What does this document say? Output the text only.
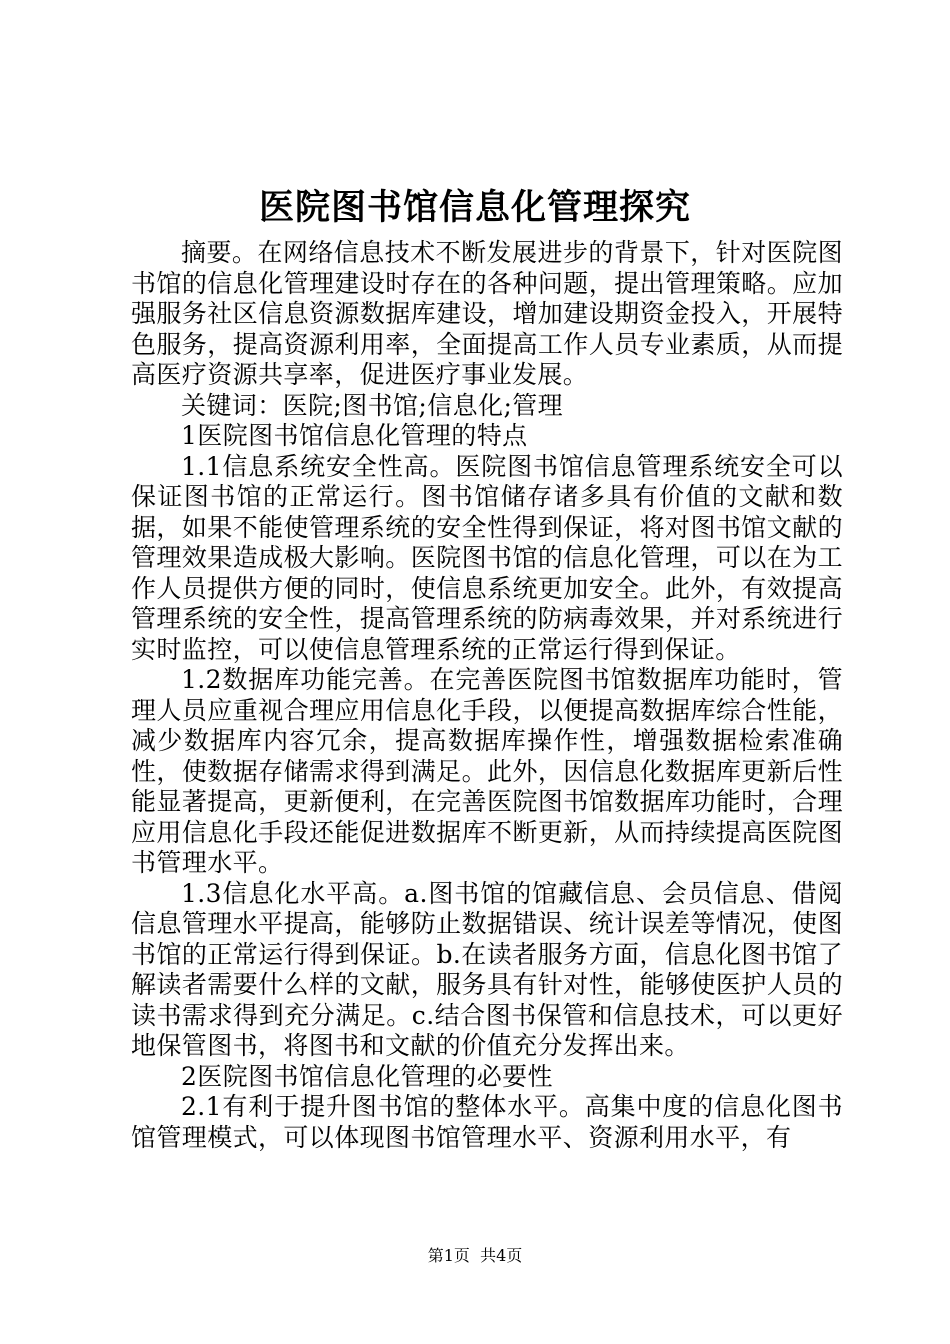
医院图书馆信息化管理探究

摘要。在网络信息技术不断发展进步的背景下，针对医院图书馆的信息化管理建设时存在的各种问题，提出管理策略。应加强服务社区信息资源数据库建设，增加建设期资金投入，开展特色服务，提高资源利用率，全面提高工作人员专业素质，从而提高医疗资源共享率，促进医疗事业发展。

关键词：医院;图书馆;信息化;管理

1医院图书馆信息化管理的特点

1.1信息系统安全性高。医院图书馆信息管理系统安全可以保证图书馆的正常运行。图书馆储存诸多具有价值的文献和数据，如果不能使管理系统的安全性得到保证，将对图书馆文献的管理效果造成极大影响。医院图书馆的信息化管理，可以在为工作人员提供方便的同时，使信息系统更加安全。此外，有效提高管理系统的安全性，提高管理系统的防病毒效果，并对系统进行实时监控，可以使信息管理系统的正常运行得到保证。

1.2数据库功能完善。在完善医院图书馆数据库功能时，管理人员应重视合理应用信息化手段，以便提高数据库综合性能，减少数据库内容冗余，提高数据库操作性，增强数据检索准确性，使数据存储需求得到满足。此外，因信息化数据库更新后性能显著提高，更新便利，在完善医院图书馆数据库功能时，合理应用信息化手段还能促进数据库不断更新，从而持续提高医院图书管理水平。

1.3信息化水平高。a.图书馆的馆藏信息、会员信息、借阅信息管理水平提高，能够防止数据错误、统计误差等情况，使图书馆的正常运行得到保证。b.在读者服务方面，信息化图书馆了解读者需要什么样的文献，服务具有针对性，能够使医护人员的读书需求得到充分满足。c.结合图书保管和信息技术，可以更好地保管图书，将图书和文献的价值充分发挥出来。

2医院图书馆信息化管理的必要性

2.1有利于提升图书馆的整体水平。高集中度的信息化图书馆管理模式，可以体现图书馆管理水平、资源利用水平，有

第1页 共4页
